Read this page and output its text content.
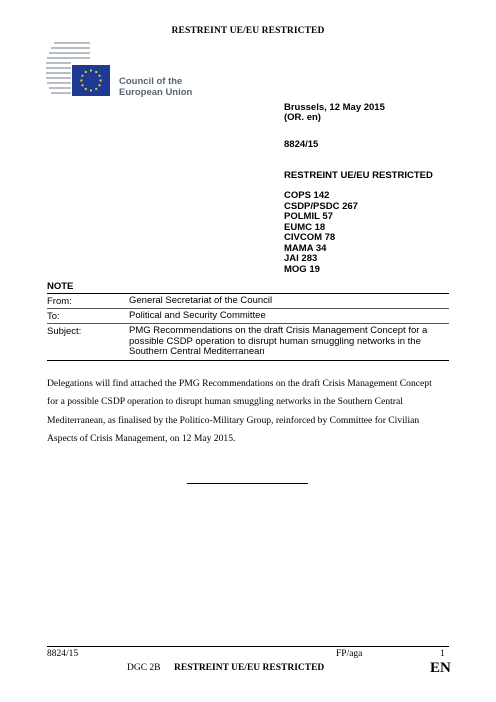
RESTREINT UE/EU RESTRICTED
Council of the
European Union
Brussels, 12 May 2015
(OR. en)
8824/15
RESTREINT UE/EU RESTRICTED
COPS 142
CSDP/PSDC 267
POLMIL 57
EUMC 18
CIVCOM 78
MAMA 34
JAI 283
MOG 19
NOTE
From:	General Secretariat of the Council
To:	Political and Security Committee
Subject:	PMG Recommendations on the draft Crisis Management Concept for a possible CSDP operation to disrupt human smuggling networks in the Southern Central Mediterranean
Delegations will find attached the PMG Recommendations on the draft Crisis Management Concept
for a possible CSDP operation to disrupt human smuggling networks in the Southern Central
Mediterranean, as finalised by the Politico-Military Group, reinforced by Committee for Civilian
Aspects of Crisis Management, on 12 May 2015.
8824/15	FP/aga	1
DGC 2B RESTREINT UE/EU RESTRICTED	EN
